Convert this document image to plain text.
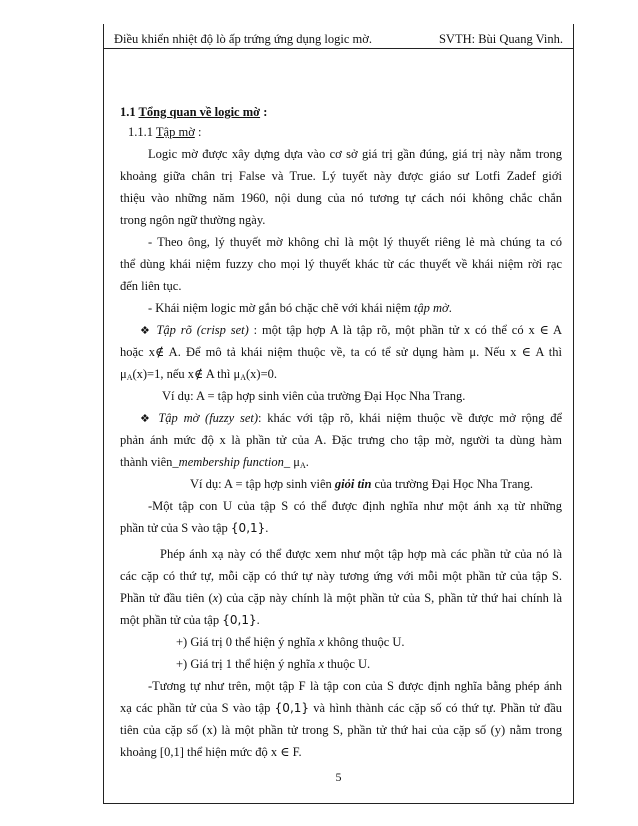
Điều khiển nhiệt độ lò ấp trứng ứng dụng logic mờ.	SVTH: Bùi Quang Vinh.
1.1 Tổng quan về logic mờ :
1.1.1 Tập mờ :
Logic mờ được xây dựng dựa vào cơ sở giá trị gần đúng, giá trị này nằm trong
khoảng giữa chân trị False và True. Lý tuyết này được giáo sư Lotfi Zadef giới
thiệu vào những năm 1960, nội dung của nó tương tự cách nói không chắc chắn
trong ngôn ngữ thường ngày.
- Theo ông, lý thuyết mờ không chỉ là một lý thuyết riêng lẻ mà chúng ta có
thể dùng khái niệm fuzzy cho mọi lý thuyết khác từ các thuyết về khái niệm rời rạc
đến liên tục.
- Khái niệm logic mờ gắn bó chặc chẽ với khái niệm tập mờ.
❖ Tập rõ (crisp set) : một tập hợp A là tập rõ, một phần tử x có thể có x ∈ A
hoặc x∉ A. Để mô tả khái niệm thuộc về, ta có tể sử dụng hàm μ. Nếu x ∈ A thì
$\mu_A(x)=1$, nếu x∉ A thì $\mu_A(x)=0$.
Ví dụ: A = tập hợp sinh viên của trường Đại Học Nha Trang.
❖ Tập mờ (fuzzy set): khác với tập rõ, khái niệm thuộc về được mở rộng để
phản ánh mức độ x là phần tử của A. Đặc trưng cho tập mờ, người ta dùng hàm
thành viên_membership function_ $\mu_A$.
Ví dụ: A = tập hợp sinh viên giỏi tin của trường Đại Học Nha Trang.
-Một tập con U của tập S có thể được định nghĩa như một ánh xạ từ những
phần tử của S vào tập {0,1}.
Phép ánh xạ này có thể được xem như một tập hợp mà các phần tử của nó là
các cặp có thứ tự, mỗi cặp có thứ tự này tương ứng với mỗi một phần tử của tập S.
Phần tử đầu tiên (x) của cặp này chính là một phần tử của S, phần tử thứ hai chính là
một phần tử của tập {0,1}.
+) Giá trị 0 thể hiện ý nghĩa x không thuộc U.
+) Giá trị 1 thể hiện ý nghĩa x thuộc U.
-Tương tự như trên, một tập F là tập con của S được định nghĩa bằng phép ánh
xạ các phần tử của S vào tập {0,1} và hình thành các cặp số có thứ tự. Phần tử đầu
tiên của cặp số (x) là một phần tử trong S, phần tử thứ hai của cặp số (y) nằm trong
khoảng [0,1] thể hiện mức độ x ∈ F.
5
